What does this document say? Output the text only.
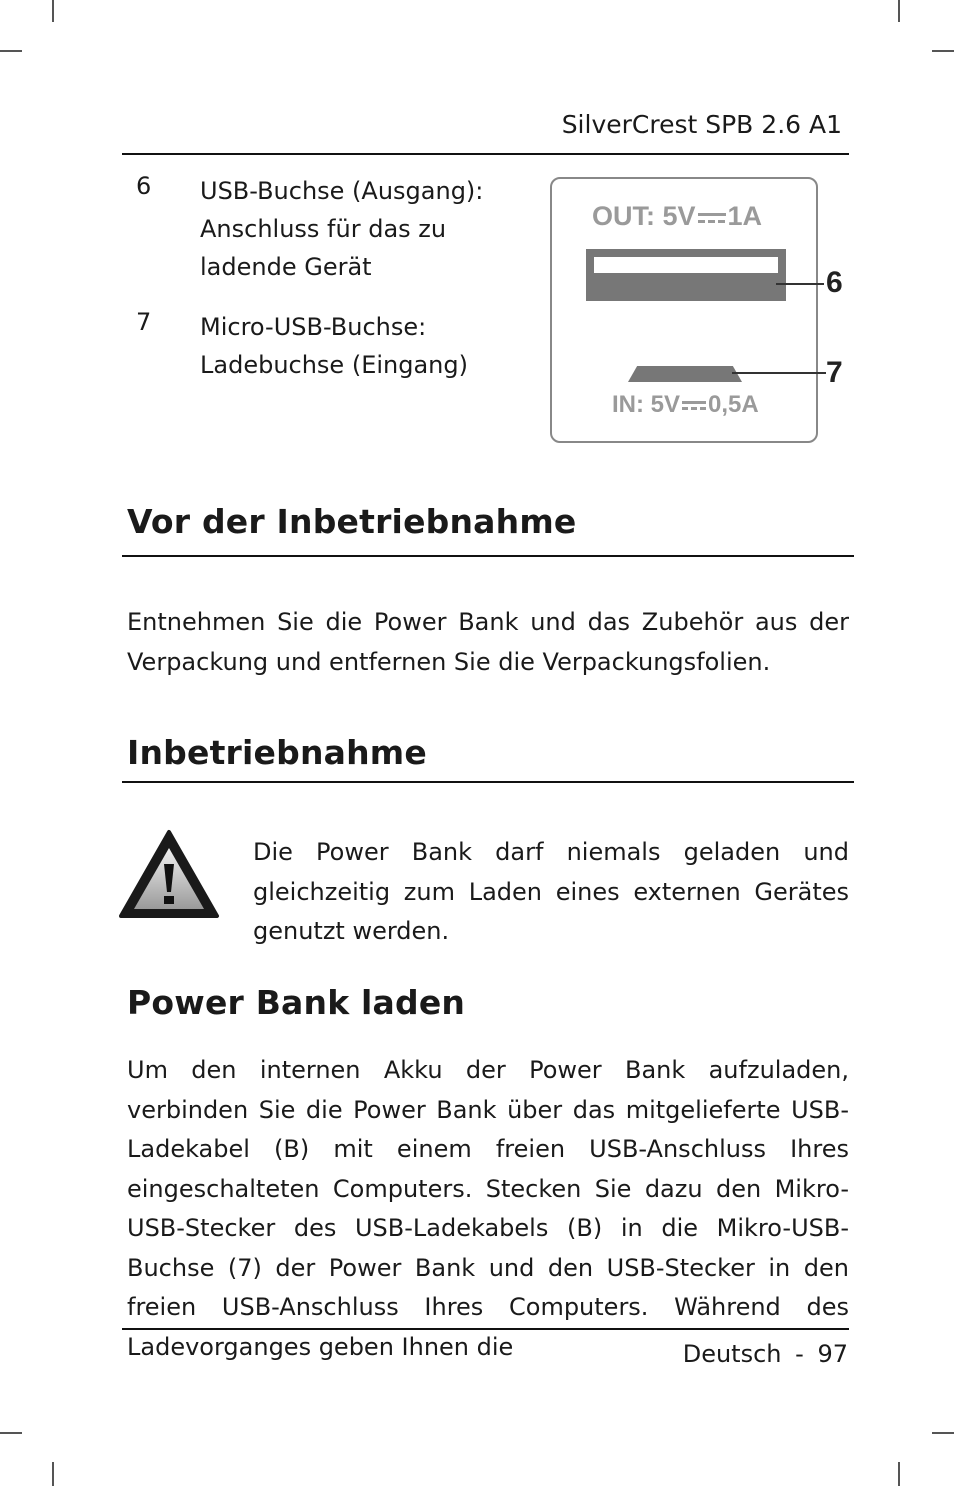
SilverCrest SPB 2.6 A1
6 USB-Buchse (Ausgang):
Anschluss für das zu
ladende Gerät
7 Micro-USB-Buchse:
Ladebuchse (Eingang)
OUT: 5V 1A
IN: 5V 0,5A
6
7
Vor der Inbetriebnahme
Entnehmen Sie die Power Bank und das Zubehör aus der Verpackung und entfernen Sie die Verpackungsfolien.
Inbetriebnahme
Die Power Bank darf niemals geladen und gleichzeitig zum Laden eines externen Gerätes genutzt werden.
Power Bank laden
Um den internen Akku der Power Bank aufzuladen, verbinden Sie die Power Bank über das mitgelieferte USB-Ladekabel (B) mit einem freien USB-Anschluss Ihres eingeschalteten Computers. Stecken Sie dazu den Mikro-USB-Stecker des USB-Ladekabels (B) in die Mikro-USB-Buchse (7) der Power Bank und den USB-Stecker in den freien USB-Anschluss Ihres Computers. Während des Ladevorganges geben Ihnen die	Deutsch - 97
